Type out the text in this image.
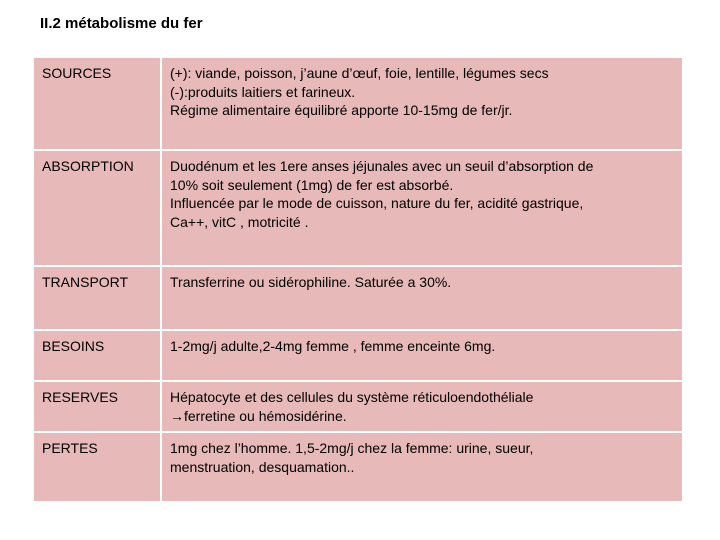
II.2 métabolisme du fer
SOURCES	(+): viande, poisson, j’aune d’œuf, foie, lentille, légumes secs
(-):produits laitiers et farineux.
Régime alimentaire équilibré apporte 10-15mg de fer/jr.

ABSORPTION	Duodénum et les 1ere anses jéjunales avec un seuil d’absorption de
10% soit seulement (1mg) de fer est absorbé.
Influencée par le mode de cuisson, nature du fer, acidité gastrique,
Ca++, vitC , motricité .

TRANSPORT	Transferrine ou sidérophiline. Saturée a 30%.

BESOINS	1-2mg/j adulte,2-4mg femme , femme enceinte 6mg.

RESERVES	Hépatocyte et des cellules du système réticuloendothéliale
→ferretine ou hémosidérine.

PERTES	1mg chez l’homme. 1,5-2mg/j chez la femme: urine, sueur,
menstruation, desquamation..
